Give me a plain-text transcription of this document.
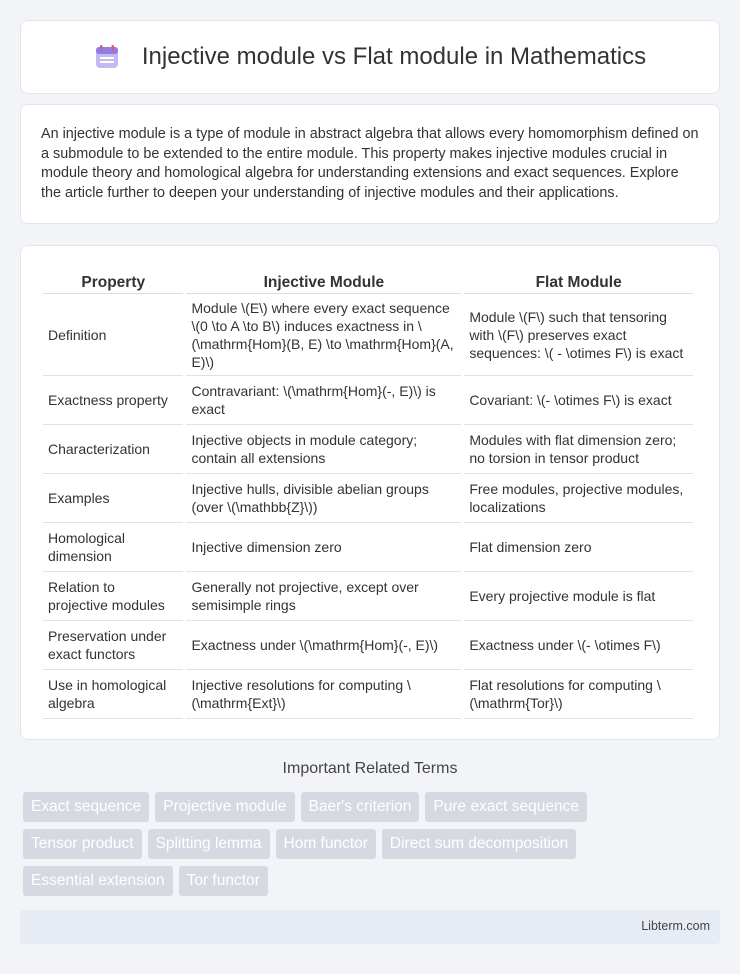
Injective module vs Flat module in Mathematics

An injective module is a type of module in abstract algebra that allows every homomorphism defined on a submodule to be extended to the entire module. This property makes injective modules crucial in module theory and homological algebra for understanding extensions and exact sequences. Explore the article further to deepen your understanding of injective modules and their applications.

Property	Injective Module	Flat Module
Definition	Module \(E\) where every exact sequence \(0 \to A \to B\) induces exactness in \(\mathrm{Hom}(B, E) \to \mathrm{Hom}(A, E)\)	Module \(F\) such that tensoring with \(F\) preserves exact sequences: \( - \otimes F\) is exact
Exactness property	Contravariant: \(\mathrm{Hom}(-, E)\) is exact	Covariant: \(- \otimes F\) is exact
Characterization	Injective objects in module category; contain all extensions	Modules with flat dimension zero; no torsion in tensor product
Examples	Injective hulls, divisible abelian groups (over \(\mathbb{Z}\))	Free modules, projective modules, localizations
Homological dimension	Injective dimension zero	Flat dimension zero
Relation to projective modules	Generally not projective, except over semisimple rings	Every projective module is flat
Preservation under exact functors	Exactness under \(\mathrm{Hom}(-, E)\)	Exactness under \(- \otimes F\)
Use in homological algebra	Injective resolutions for computing \(\mathrm{Ext}\)	Flat resolutions for computing \(\mathrm{Tor}\)
Important Related Terms
Exact sequence	Projective module	Baer's criterion	Pure exact sequence
Tensor product	Splitting lemma	Hom functor	Direct sum decomposition
Essential extension	Tor functor
Libterm.com
